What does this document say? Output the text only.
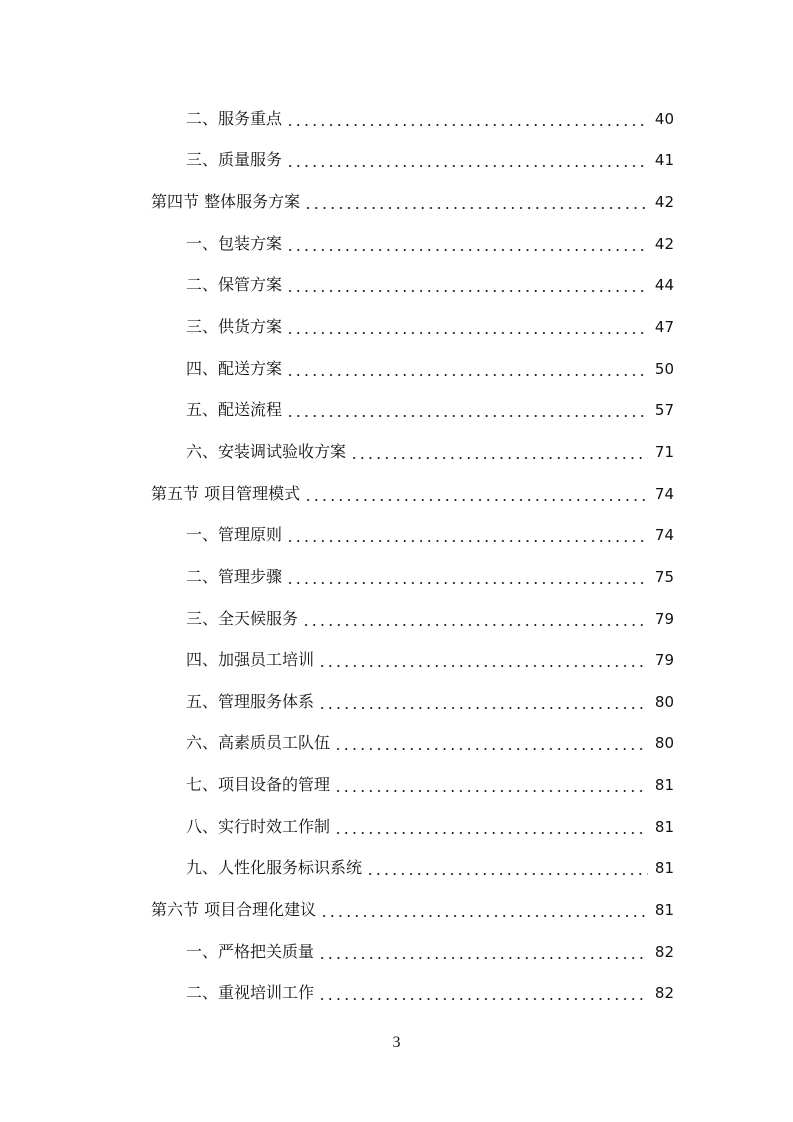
二、服务重点	40
三、质量服务	41
第四节 整体服务方案	42
一、包装方案	42
二、保管方案	44
三、供货方案	47
四、配送方案	50
五、配送流程	57
六、安装调试验收方案	71
第五节 项目管理模式	74
一、管理原则	74
二、管理步骤	75
三、全天候服务	79
四、加强员工培训	79
五、管理服务体系	80
六、高素质员工队伍	80
七、项目设备的管理	81
八、实行时效工作制	81
九、人性化服务标识系统	81
第六节 项目合理化建议	81
一、严格把关质量	82
二、重视培训工作	82
3
